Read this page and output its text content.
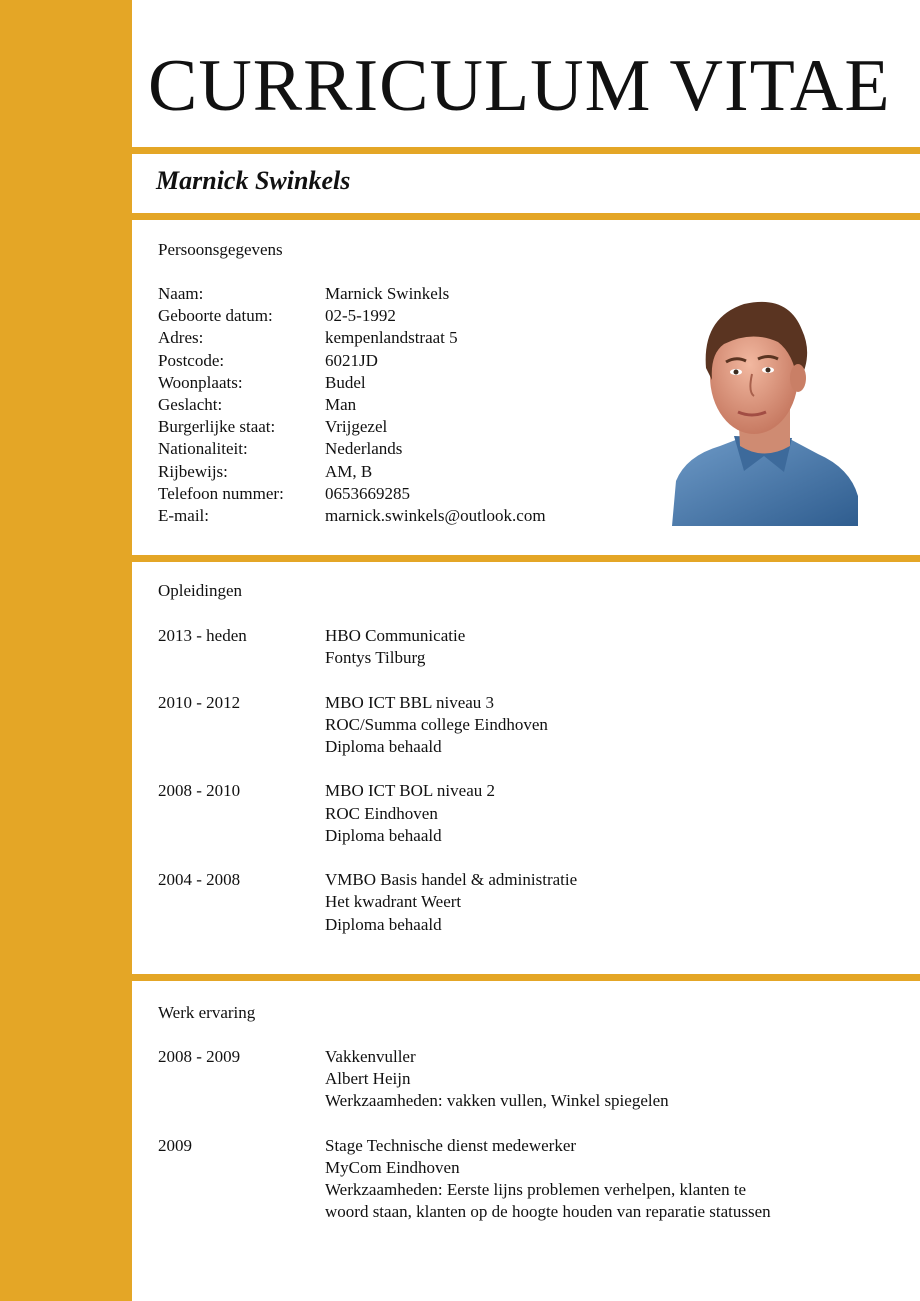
CURRICULUM VITAE
Marnick Swinkels
Persoonsgegevens
Naam:	Marnick Swinkels
Geboorte datum:	02-5-1992
Adres:	kempenlandstraat 5
Postcode:	6021JD
Woonplaats:	Budel
Geslacht:	Man
Burgerlijke staat:	Vrijgezel
Nationaliteit:	Nederlands
Rijbewijs:	AM, B
Telefoon nummer:	0653669285
E-mail:	marnick.swinkels@outlook.com
Opleidingen
2013 - heden	HBO Communicatie
Fontys Tilburg
2010 - 2012	MBO ICT BBL niveau 3
ROC/Summa college Eindhoven
Diploma behaald
2008 - 2010	MBO ICT BOL niveau 2
ROC Eindhoven
Diploma behaald
2004 - 2008	VMBO Basis handel & administratie
Het kwadrant Weert
Diploma behaald
Werk ervaring
2008 - 2009	Vakkenvuller
Albert Heijn
Werkzaamheden: vakken vullen, Winkel spiegelen
2009	Stage Technische dienst medewerker
MyCom Eindhoven
Werkzaamheden: Eerste lijns problemen verhelpen, klanten te
woord staan, klanten op de hoogte houden van reparatie statussen
